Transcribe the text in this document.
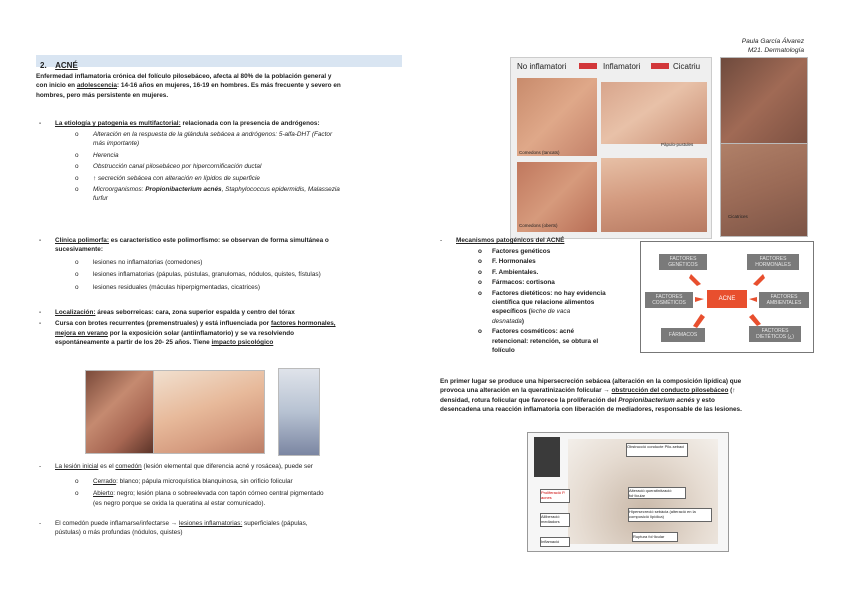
Paula García Álvarez
M21. Dermatología
2. ACNÉ
Enfermedad inflamatoria crónica del folículo pilosebáceo, afecta al 80% de la población general y
con inicio en adolescencia: 14-16 años en mujeres, 16-19 en hombres. Es más frecuente y severo en
hombres, pero más persistente en mujeres.
- La etiología y patogenia es multifactorial: relacionada con la presencia de andrógenos:
o Alteración en la respuesta de la glándula sebácea a andrógenos: 5-alfa-DHT (Factor
más importante)
o Herencia
o Obstrucción canal pilosebáceo por hipercornificación ductal
o ↑ secreción sebácea con alteración en lípidos de superficie
o Microorganismos: Propionibacterium acnés, Staphylococcus epidermidis, Malassezia
furfur
- Clínica polimorfa: es característico este polimorfismo: se observan de forma simultánea o
sucesivamente:
o lesiones no inflamatorias (comedones)
o lesiones inflamatorias (pápulas, pústulas, granulomas, nódulos, quistes, fístulas)
o lesiones residuales (máculas hiperpigmentadas, cicatrices)
- Localización: áreas seborreicas: cara, zona superior espalda y centro del tórax
- Cursa con brotes recurrentes (premenstruales) y está influenciada por factores hormonales,
mejora en verano por la exposición solar (antiinflamatorio) y se va resolviendo
espontáneamente a partir de los 20- 25 años. Tiene impacto psicológico
- La lesión inicial es el comedón (lesión elemental que diferencia acné y rosácea), puede ser
o Cerrado: blanco; pápula microquística blanquinosa, sin orificio folicular
o Abierto: negro; lesión plana o sobreelevada con tapón córneo central pigmentado
(es negro porque se oxida la queratina al estar comunicado).
- El comedón puede inflamarse/infectarse → lesiones inflamatorias: superficiales (pápulas,
pústulas) o más profundas (nódulos, quistes)
No inflamatori	Inflamatori	Cicatriu
Comedons (tancats)
Pàpulo-pustules
Comedons (oberts)
Cicatrices
- Mecanismos patogénicos del ACNÉ
o Factores genéticos
o F. Hormonales
o F. Ambientales.
o Fármacos: cortisona
o Factores dietéticos: no hay evidencia
científica que relacione alimentos
específicos (leche de vaca
desnatada)
o Factores cosméticos: acné
retencional: retención, se obtura el
folículo
FACTORES GENÉTICOS
FACTORES HORMONALES
FACTORES COSMÉTICOS
ACNE	FACTORES AMBIENTALES
FÁRMACOS
FACTORES DIETÉTICOS (¿)
En primer lugar se produce una hipersecreción sebácea (alteración en la composición lipídica) que
provoca una alteración en la queratinización folicular → obstrucción del conducto pilosebáceo (↑
densidad, rotura folicular que favorece la proliferación del Propionibacterium acnés y esto
desencadena una reacción inflamatoria con liberación de mediadores, responsable de las lesiones.
Obstrucció conducte Pilo-sebaci
Alteració queratinització fol·licular
Hipersecreció sebàcia (alteració en la composició lipídica)
Ruptura fol·licular
Proliferació P. acnes
Alliberació mediadors
Inflamació
